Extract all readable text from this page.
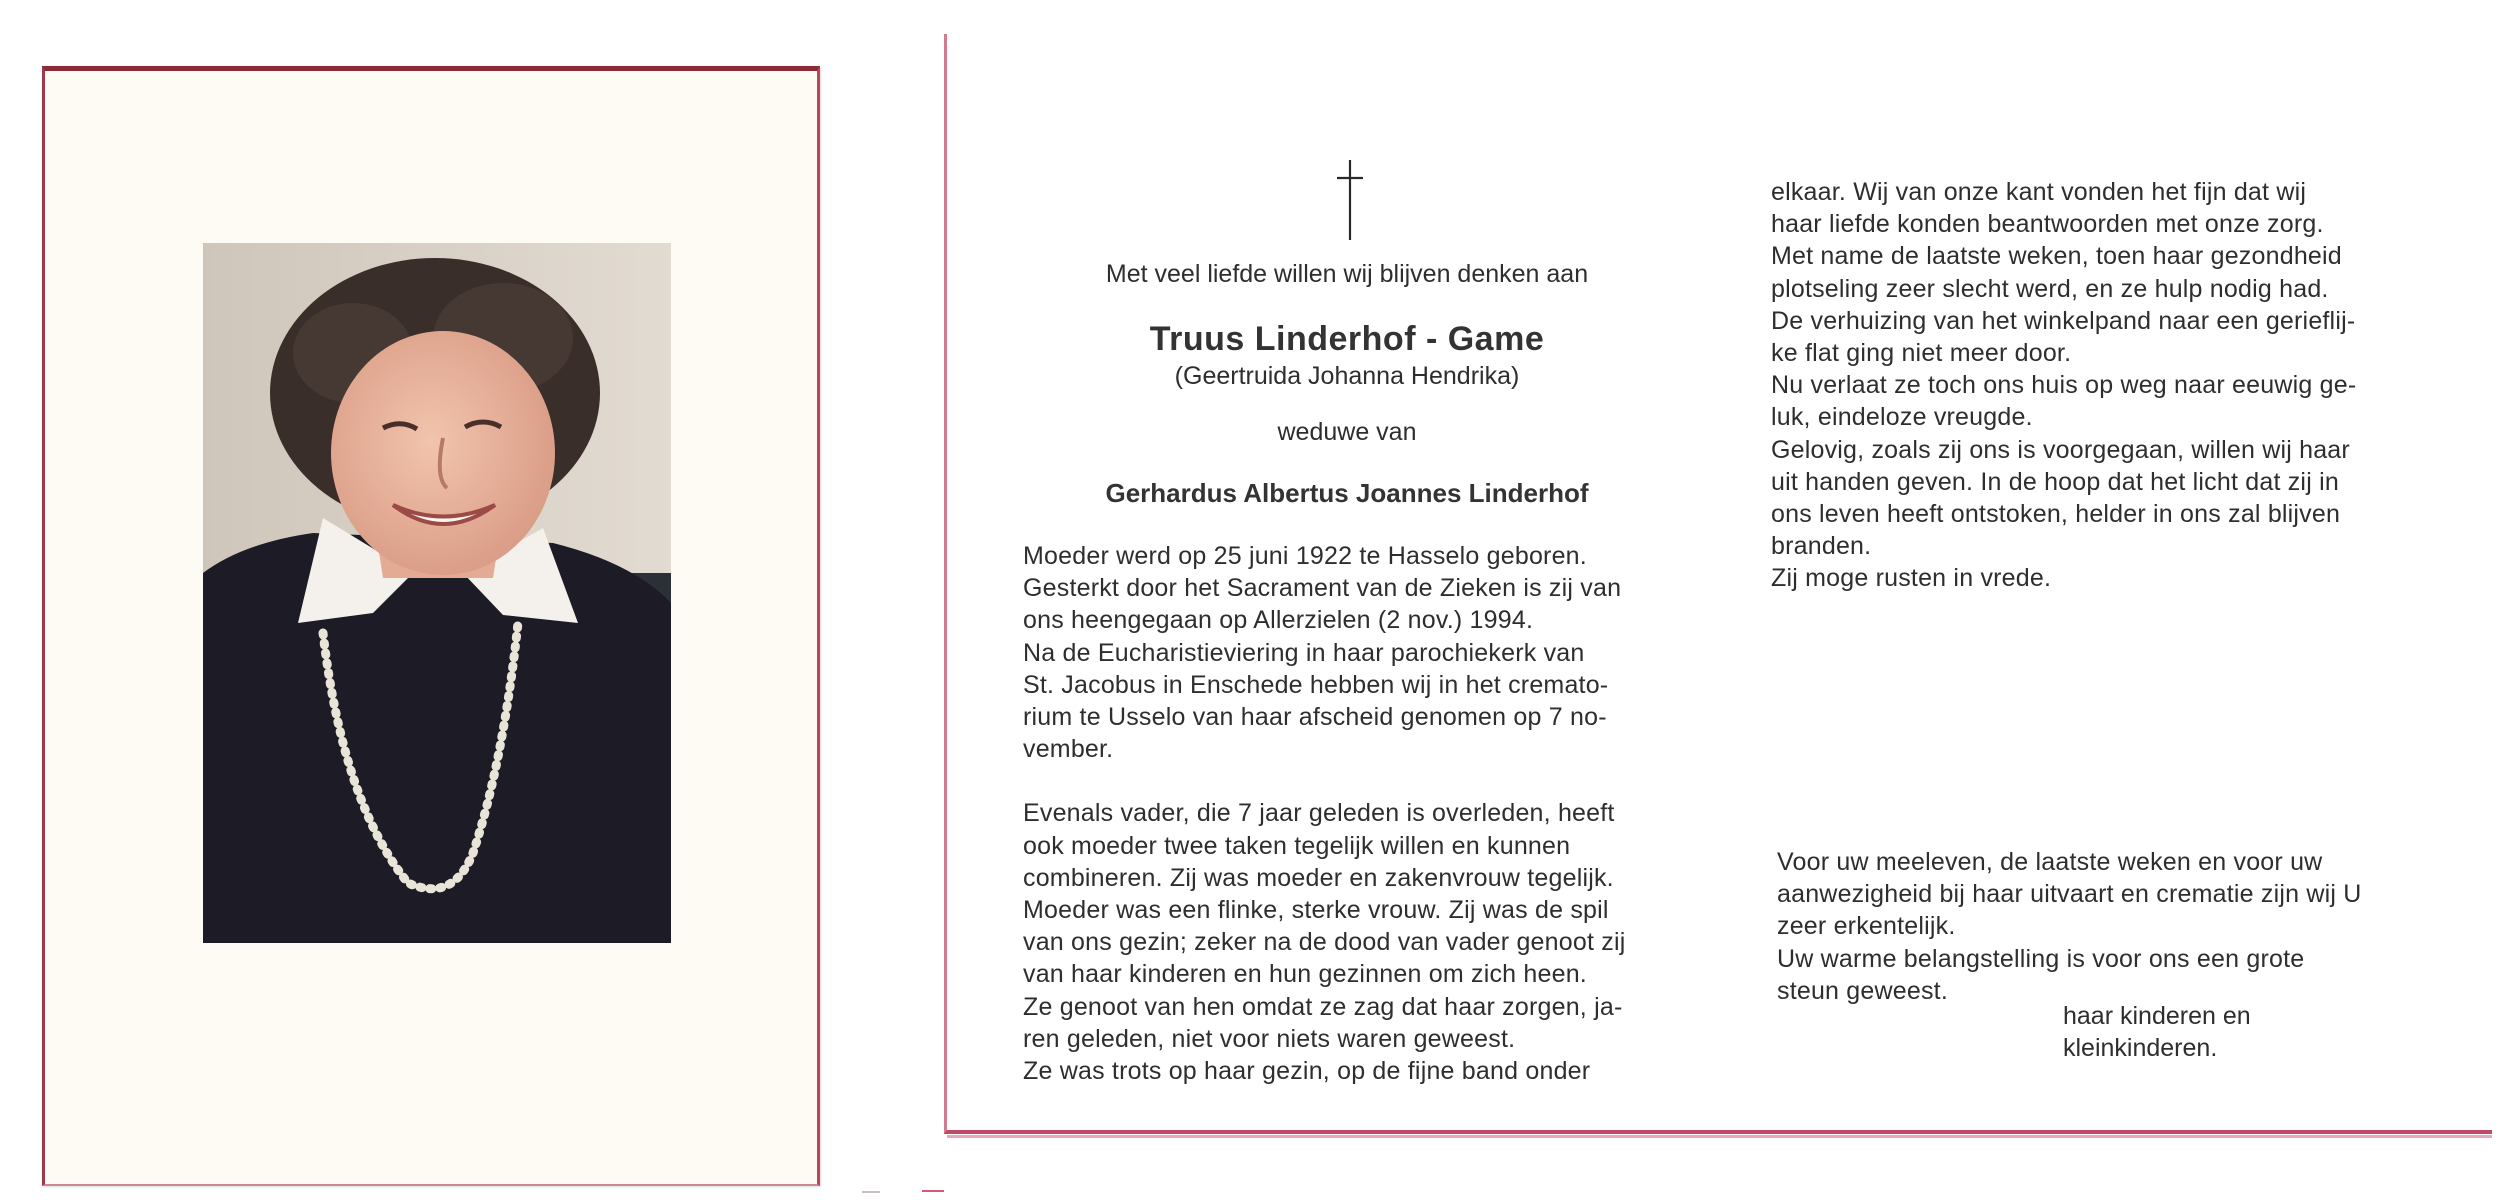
Met veel liefde willen wij blijven denken aan
Truus Linderhof - Game
(Geertruida Johanna Hendrika)
weduwe van
Gerhardus Albertus Joannes Linderhof

Moeder werd op 25 juni 1922 te Hasselo geboren.

Gesterkt door het Sacrament van de Zieken is zij van

ons heengegaan op Allerzielen (2 nov.) 1994.

Na de Eucharistieviering in haar parochiekerk van

St. Jacobus in Enschede hebben wij in het cremato-

rium te Usselo van haar afscheid genomen op 7 no-

vember.

Evenals vader, die 7 jaar geleden is overleden, heeft

ook moeder twee taken tegelijk willen en kunnen

combineren. Zij was moeder en zakenvrouw tegelijk.

Moeder was een flinke, sterke vrouw. Zij was de spil

van ons gezin; zeker na de dood van vader genoot zij

van haar kinderen en hun gezinnen om zich heen.

Ze genoot van hen omdat ze zag dat haar zorgen, ja-

ren geleden, niet voor niets waren geweest.

Ze was trots op haar gezin, op de fijne band onder

elkaar. Wij van onze kant vonden het fijn dat wij

haar liefde konden beantwoorden met onze zorg.

Met name de laatste weken, toen haar gezondheid

plotseling zeer slecht werd, en ze hulp nodig had.

De verhuizing van het winkelpand naar een gerieflij-

ke flat ging niet meer door.

Nu verlaat ze toch ons huis op weg naar eeuwig ge-

luk, eindeloze vreugde.

Gelovig, zoals zij ons is voorgegaan, willen wij haar

uit handen geven. In de hoop dat het licht dat zij in

ons leven heeft ontstoken, helder in ons zal blijven

branden.

Zij moge rusten in vrede.

Voor uw meeleven, de laatste weken en voor uw

aanwezigheid bij haar uitvaart en crematie zijn wij U

zeer erkentelijk.

Uw warme belangstelling is voor ons een grote

steun geweest.

haar kinderen en
kleinkinderen.
